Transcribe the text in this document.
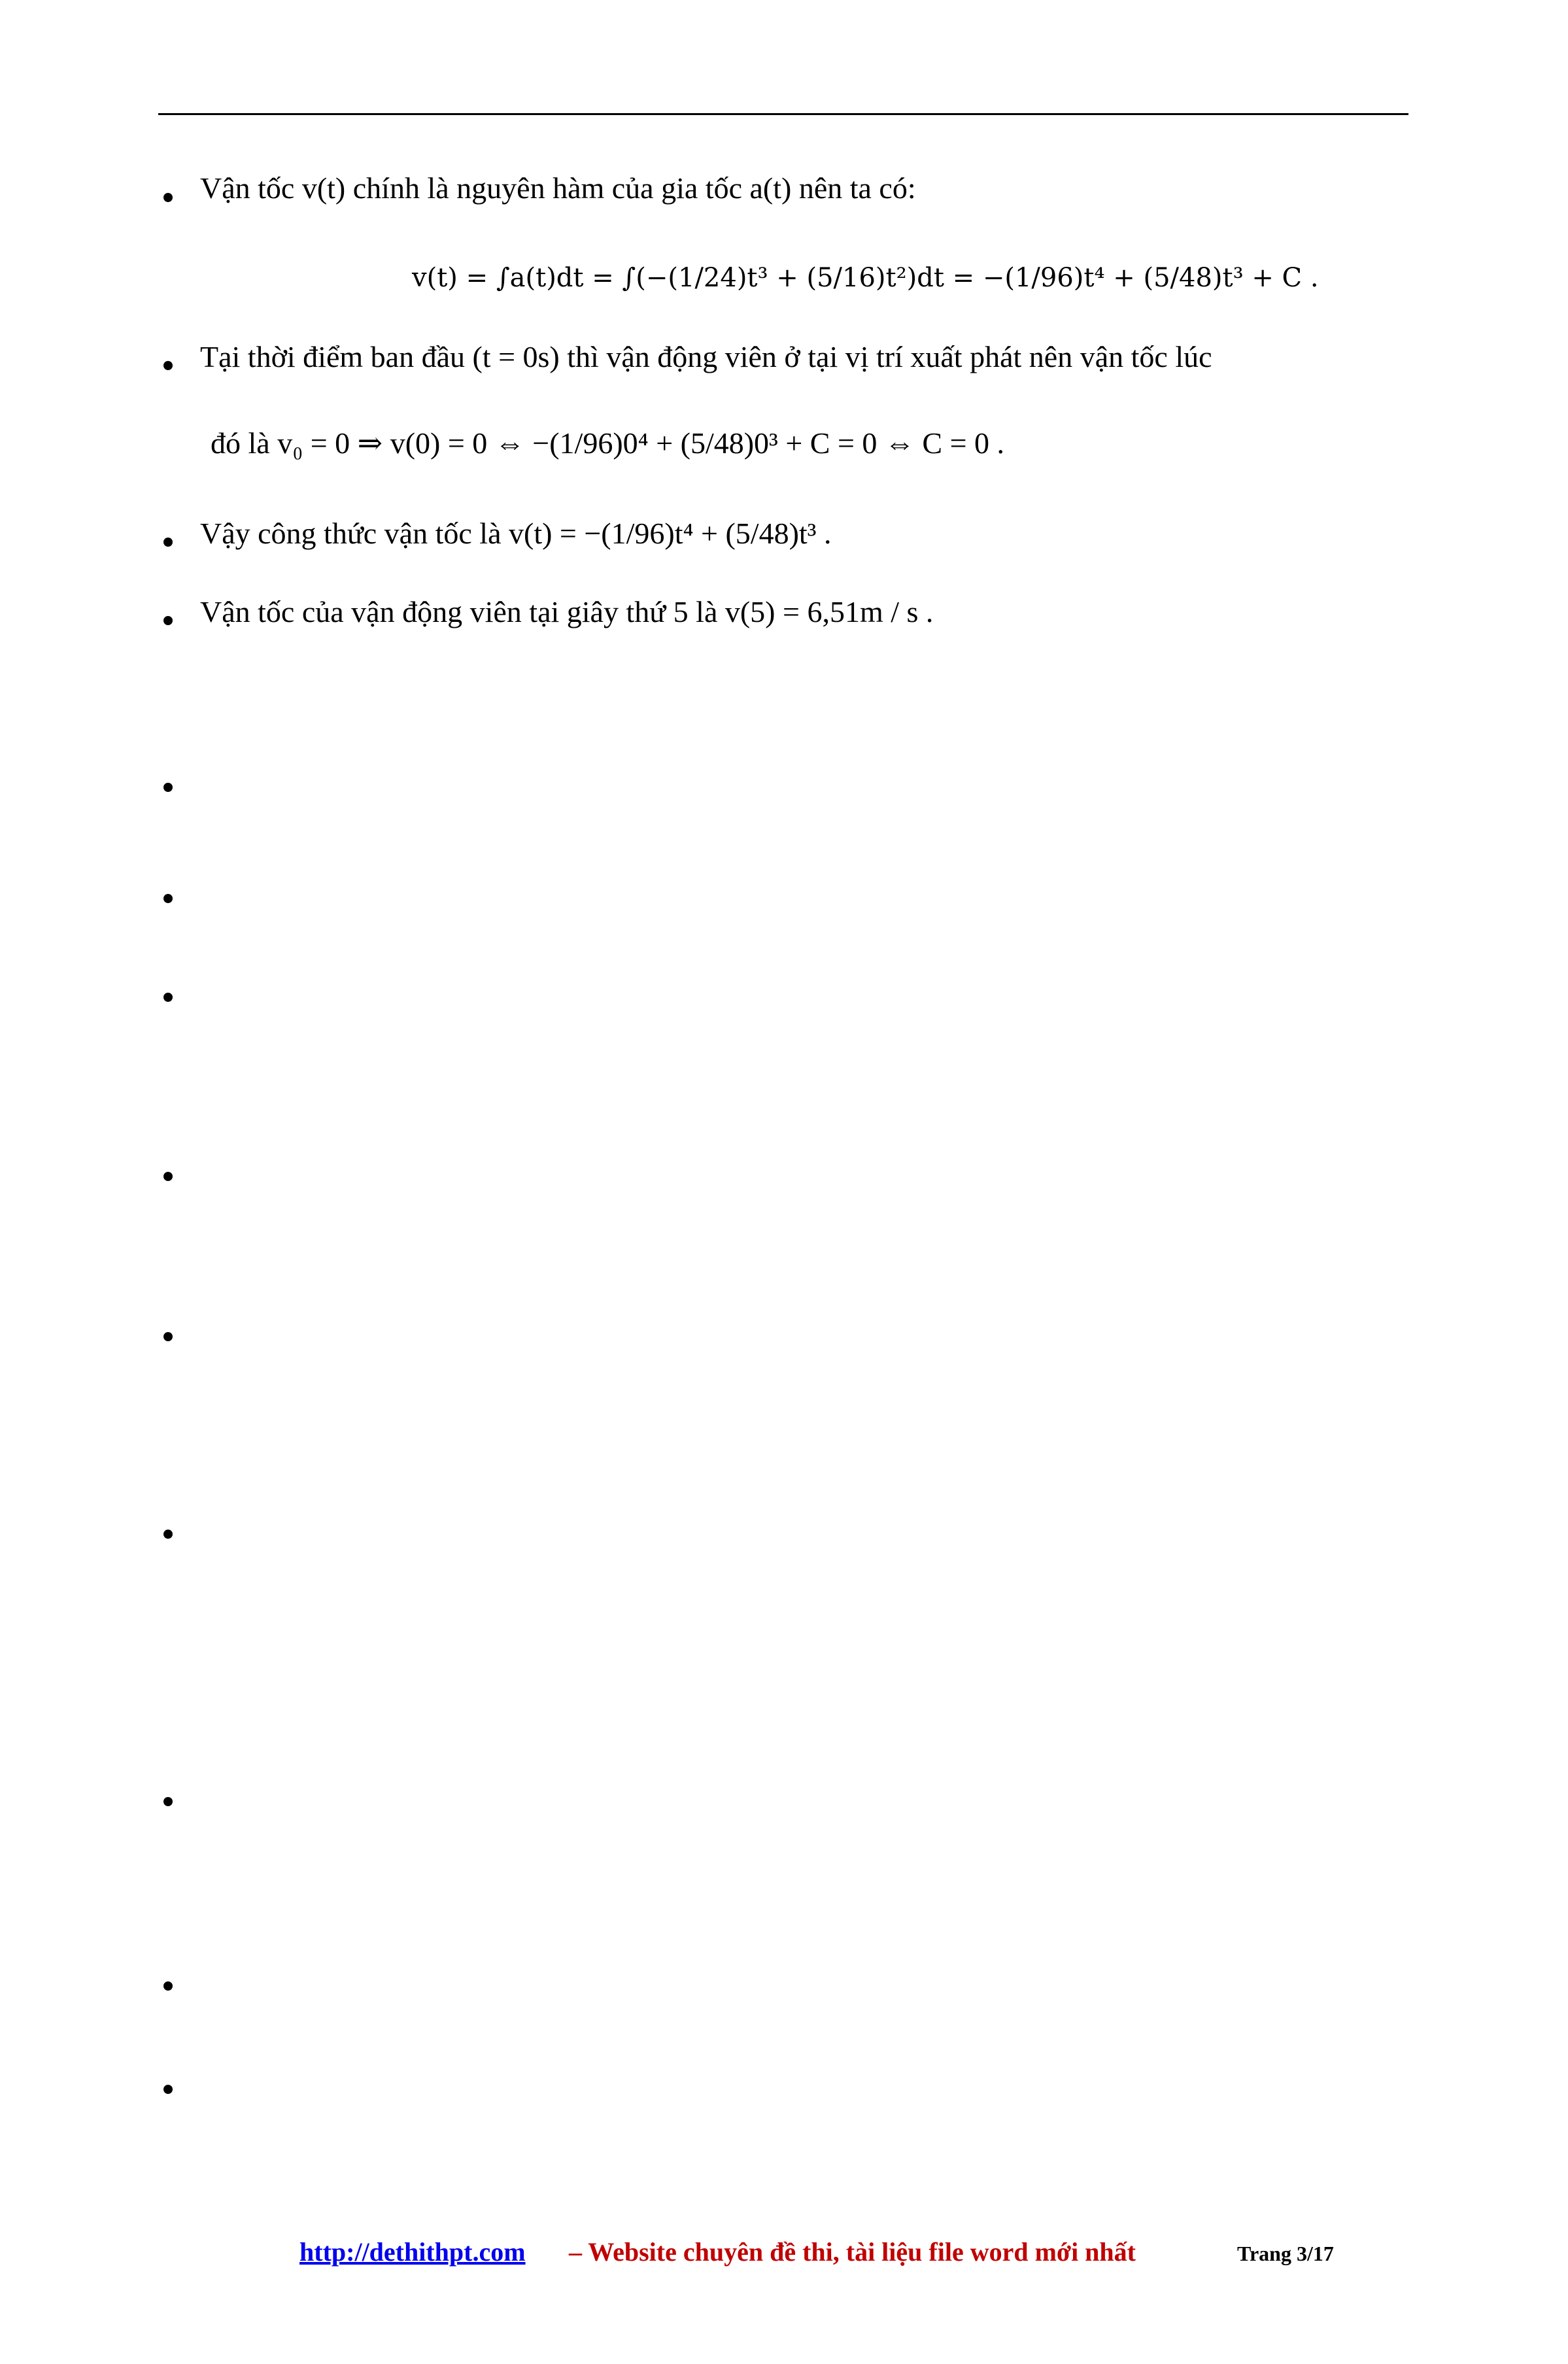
Vận tốc v(t) chính là nguyên hàm của gia tốc a(t) nên ta có:
v(t) = ∫a(t)dt = ∫(−(1/24)t³ + (5/16)t²)dt = −(1/96)t⁴ + (5/48)t³ + C .
Tại thời điểm ban đầu (t = 0s) thì vận động viên ở tại vị trí xuất phát nên vận tốc lúc
đó là v₀ = 0 ⇒ v(0) = 0 ⇔ −(1/96)0⁴ + (5/48)0³ + C = 0 ⇔ C = 0 .
Vậy công thức vận tốc là v(t) = −(1/96)t⁴ + (5/48)t³ .
Vận tốc của vận động viên tại giây thứ 5 là v(5) = 6,51m / s .

http://dethithpt.com – Website chuyên đề thi, tài liệu file word mới nhất	Trang 3/17
